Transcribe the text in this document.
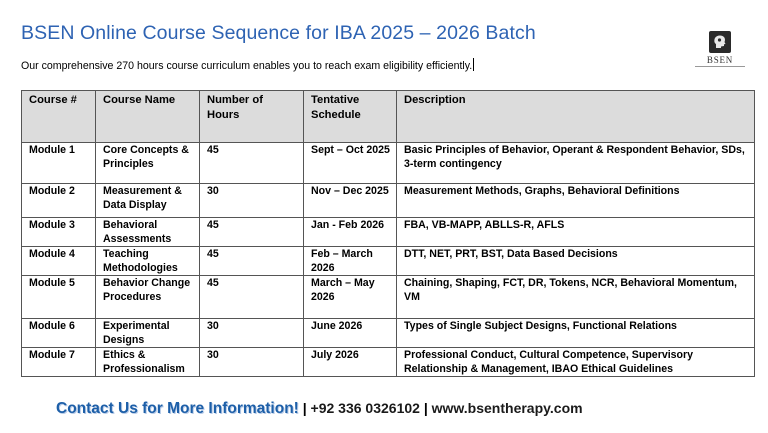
BSEN Online Course Sequence for IBA 2025 – 2026 Batch
Our comprehensive 270 hours course curriculum enables you to reach exam eligibility efficiently.	BSEN
Course #	Course Name	Number of Hours	Tentative Schedule	Description
Module 1	Core Concepts & Principles	45	Sept – Oct 2025	Basic Principles of Behavior, Operant & Respondent Behavior, SDs, 3-term contingency
Module 2	Measurement & Data Display	30	Nov – Dec 2025	Measurement Methods, Graphs, Behavioral Definitions
Module 3	Behavioral Assessments	45	Jan - Feb 2026	FBA, VB-MAPP, ABLLS-R, AFLS
Module 4	Teaching Methodologies	45	Feb – March 2026	DTT, NET, PRT, BST, Data Based Decisions
Module 5	Behavior Change Procedures	45	March – May 2026	Chaining, Shaping, FCT, DR, Tokens, NCR, Behavioral Momentum, VM
Module 6	Experimental Designs	30	June 2026	Types of Single Subject Designs, Functional Relations
Module 7	Ethics & Professionalism	30	July 2026	Professional Conduct, Cultural Competence, Supervisory Relationship & Management, IBAO Ethical Guidelines
Contact Us for More Information! | +92 336 0326102 | www.bsentherapy.com
